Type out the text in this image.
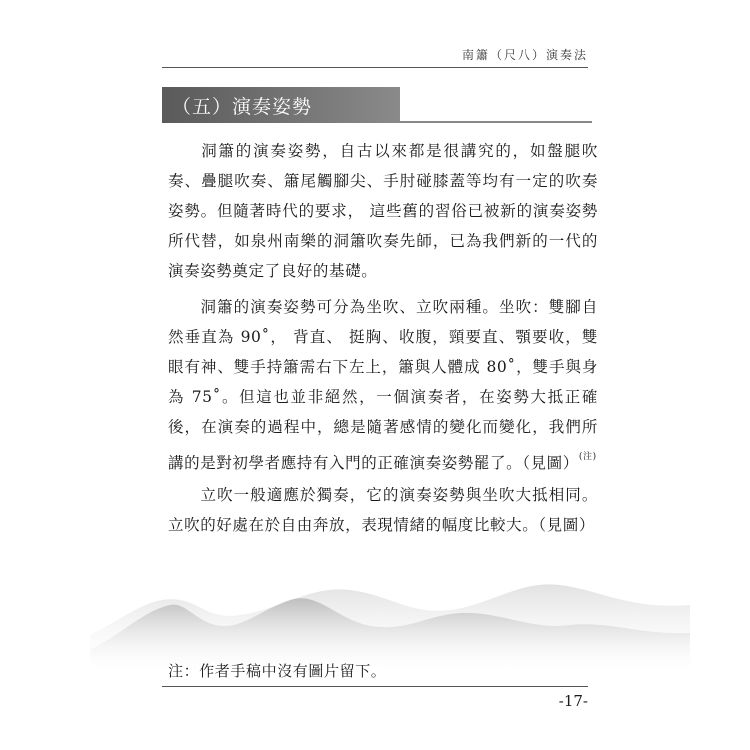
南簫（尺八）演奏法
（五）演奏姿勢

洞簫的演奏姿勢，自古以來都是很講究的，如盤腿吹奏、疊腿吹奏、簫尾觸腳尖、手肘碰膝蓋等均有一定的吹奏姿勢。但隨著時代的要求， 這些舊的習俗已被新的演奏姿勢所代替，如泉州南樂的洞簫吹奏先師，已為我們新的一代的演奏姿勢奠定了良好的基礎。

洞簫的演奏姿勢可分為坐吹、立吹兩種。坐吹：雙腳自然垂直為 90˚， 背直、 挺胸、收腹，頸要直、顎要收，雙眼有神、雙手持簫需右下左上，簫與人體成 80˚，雙手與身為 75˚。但這也並非絕然，一個演奏者，在姿勢大抵正確後，在演奏的過程中，總是隨著感情的變化而變化，我們所講的是對初學者應持有入門的正確演奏姿勢罷了。（見圖）$^{(注)}$

立吹一般適應於獨奏，它的演奏姿勢與坐吹大抵相同。立吹的好處在於自由奔放，表現情緒的幅度比較大。（見圖）

注：作者手稿中沒有圖片留下。
-17-
